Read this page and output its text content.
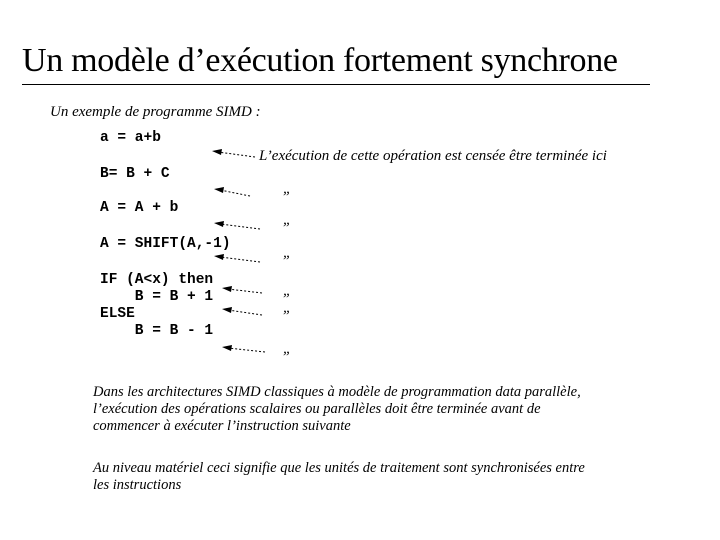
Un modèle d’exécution fortement synchrone
Un exemple de programme SIMD :
a = a+b
B= B + C
A = A + b
A = SHIFT(A,-1)
IF (A<x) then
B = B + 1
ELSE
B = B - 1
L’exécution de cette opération est censée être terminée ici
„
„
„
„
„
„
Dans les architectures SIMD classiques à modèle de programmation data parallèle,
l’exécution des opérations scalaires ou parallèles doit être terminée avant de
commencer à exécuter l’instruction suivante
Au niveau matériel ceci signifie que les unités de traitement sont synchronisées entre
les instructions
